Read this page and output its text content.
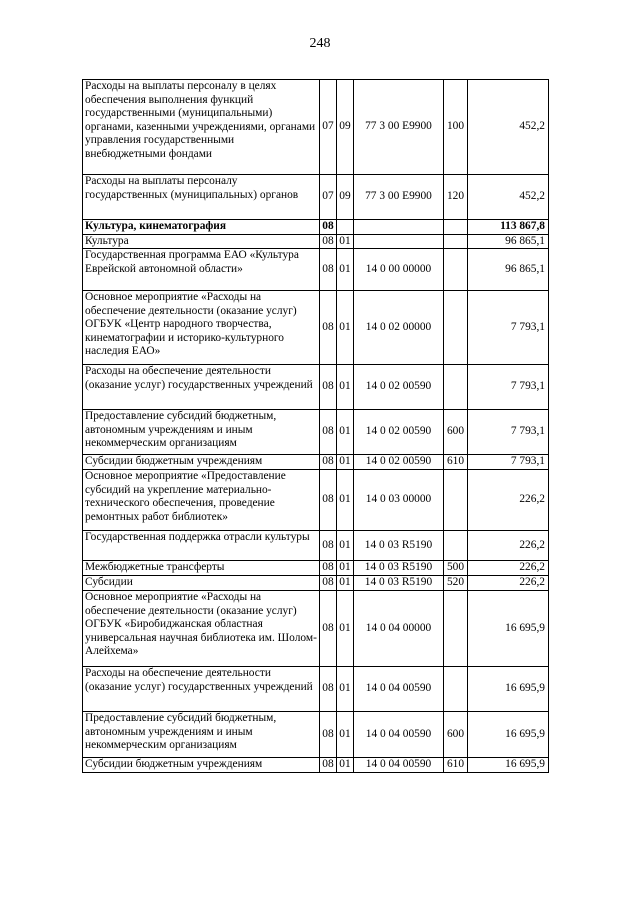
248
Расходы на выплаты персоналу в целях обеспечения выполнения функций государственными (муниципальными) органами, казенными учреждениями, органами управления государственными внебюджетными фондами	07	09	77 3 00 Е9900	100	452,2
Расходы на выплаты персоналу государственных (муниципальных) органов	07	09	77 3 00 Е9900	120	452,2
Культура, кинематография	08				113 867,8
Культура	08	01			96 865,1
Государственная программа ЕАО «Культура Еврейской автономной области»	08	01	14 0 00 00000		96 865,1
Основное мероприятие «Расходы на обеспечение деятельности (оказание услуг) ОГБУК «Центр народного творчества, кинематографии и историко-культурного наследия ЕАО»	08	01	14 0 02 00000		7 793,1
Расходы на обеспечение деятельности (оказание услуг) государственных учреждений	08	01	14 0 02 00590		7 793,1
Предоставление субсидий бюджетным, автономным учреждениям и иным некоммерческим организациям	08	01	14 0 02 00590	600	7 793,1
Субсидии бюджетным учреждениям	08	01	14 0 02 00590	610	7 793,1
Основное мероприятие «Предоставление субсидий на укрепление материально-технического обеспечения, проведение ремонтных работ библиотек»	08	01	14 0 03 00000		226,2
Государственная поддержка отрасли культуры	08	01	14 0 03 R5190		226,2
Межбюджетные трансферты	08	01	14 0 03 R5190	500	226,2
Субсидии	08	01	14 0 03 R5190	520	226,2
Основное мероприятие «Расходы на обеспечение деятельности (оказание услуг) ОГБУК «Биробиджанская областная универсальная научная библиотека им. Шолом-Алейхема»	08	01	14 0 04 00000		16 695,9
Расходы на обеспечение деятельности (оказание услуг) государственных учреждений	08	01	14 0 04 00590		16 695,9
Предоставление субсидий бюджетным, автономным учреждениям и иным некоммерческим организациям	08	01	14 0 04 00590	600	16 695,9
Субсидии бюджетным учреждениям	08	01	14 0 04 00590	610	16 695,9
